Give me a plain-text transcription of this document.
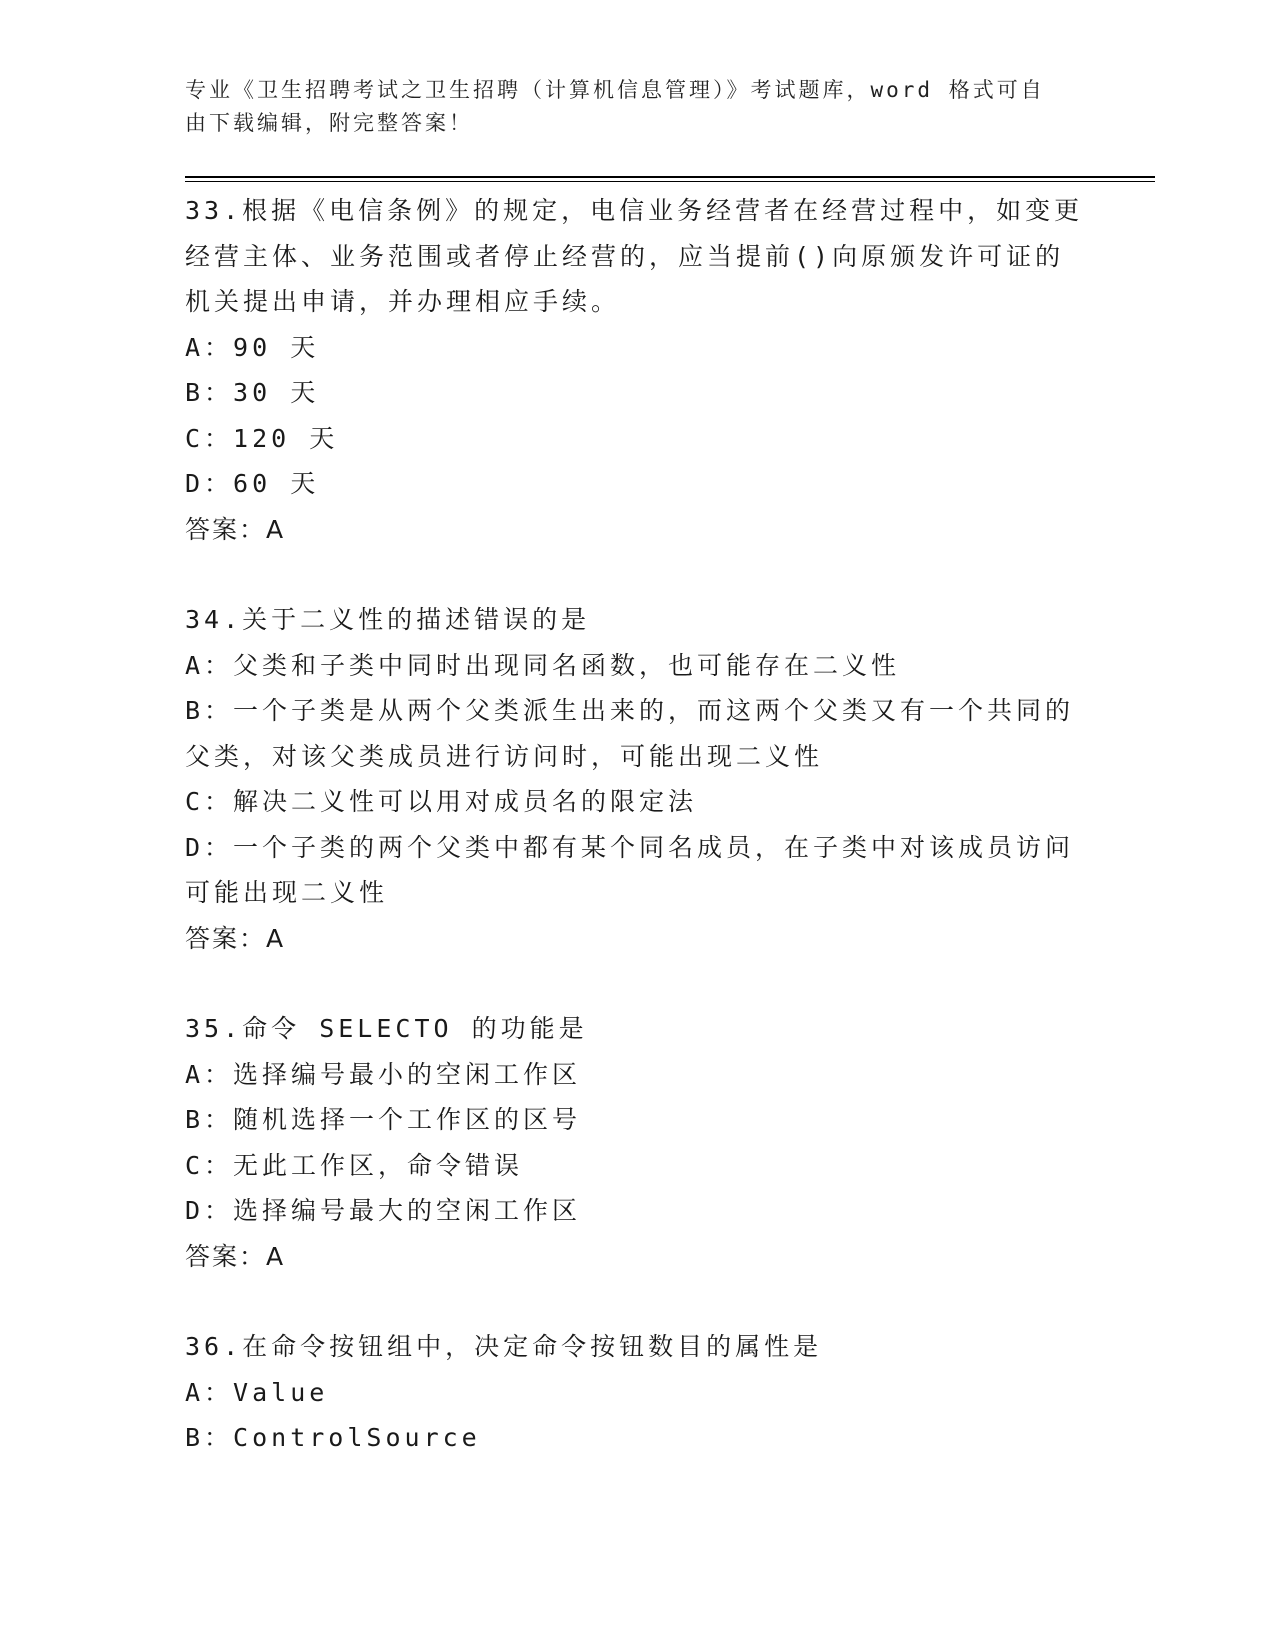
专业《卫生招聘考试之卫生招聘（计算机信息管理）》考试题库，word 格式可自
由下载编辑，附完整答案！
33.根据《电信条例》的规定，电信业务经营者在经营过程中，如变更
经营主体、业务范围或者停止经营的，应当提前()向原颁发许可证的
机关提出申请，并办理相应手续。
A：90 天
B：30 天
C：120 天
D：60 天
答案：A
34.关于二义性的描述错误的是
A：父类和子类中同时出现同名函数，也可能存在二义性
B：一个子类是从两个父类派生出来的，而这两个父类又有一个共同的
父类，对该父类成员进行访问时，可能出现二义性
C：解决二义性可以用对成员名的限定法
D：一个子类的两个父类中都有某个同名成员，在子类中对该成员访问
可能出现二义性
答案：A
35.命令 SELECTO 的功能是
A：选择编号最小的空闲工作区
B：随机选择一个工作区的区号
C：无此工作区，命令错误
D：选择编号最大的空闲工作区
答案：A
36.在命令按钮组中，决定命令按钮数目的属性是
A：Value
B：ControlSource
